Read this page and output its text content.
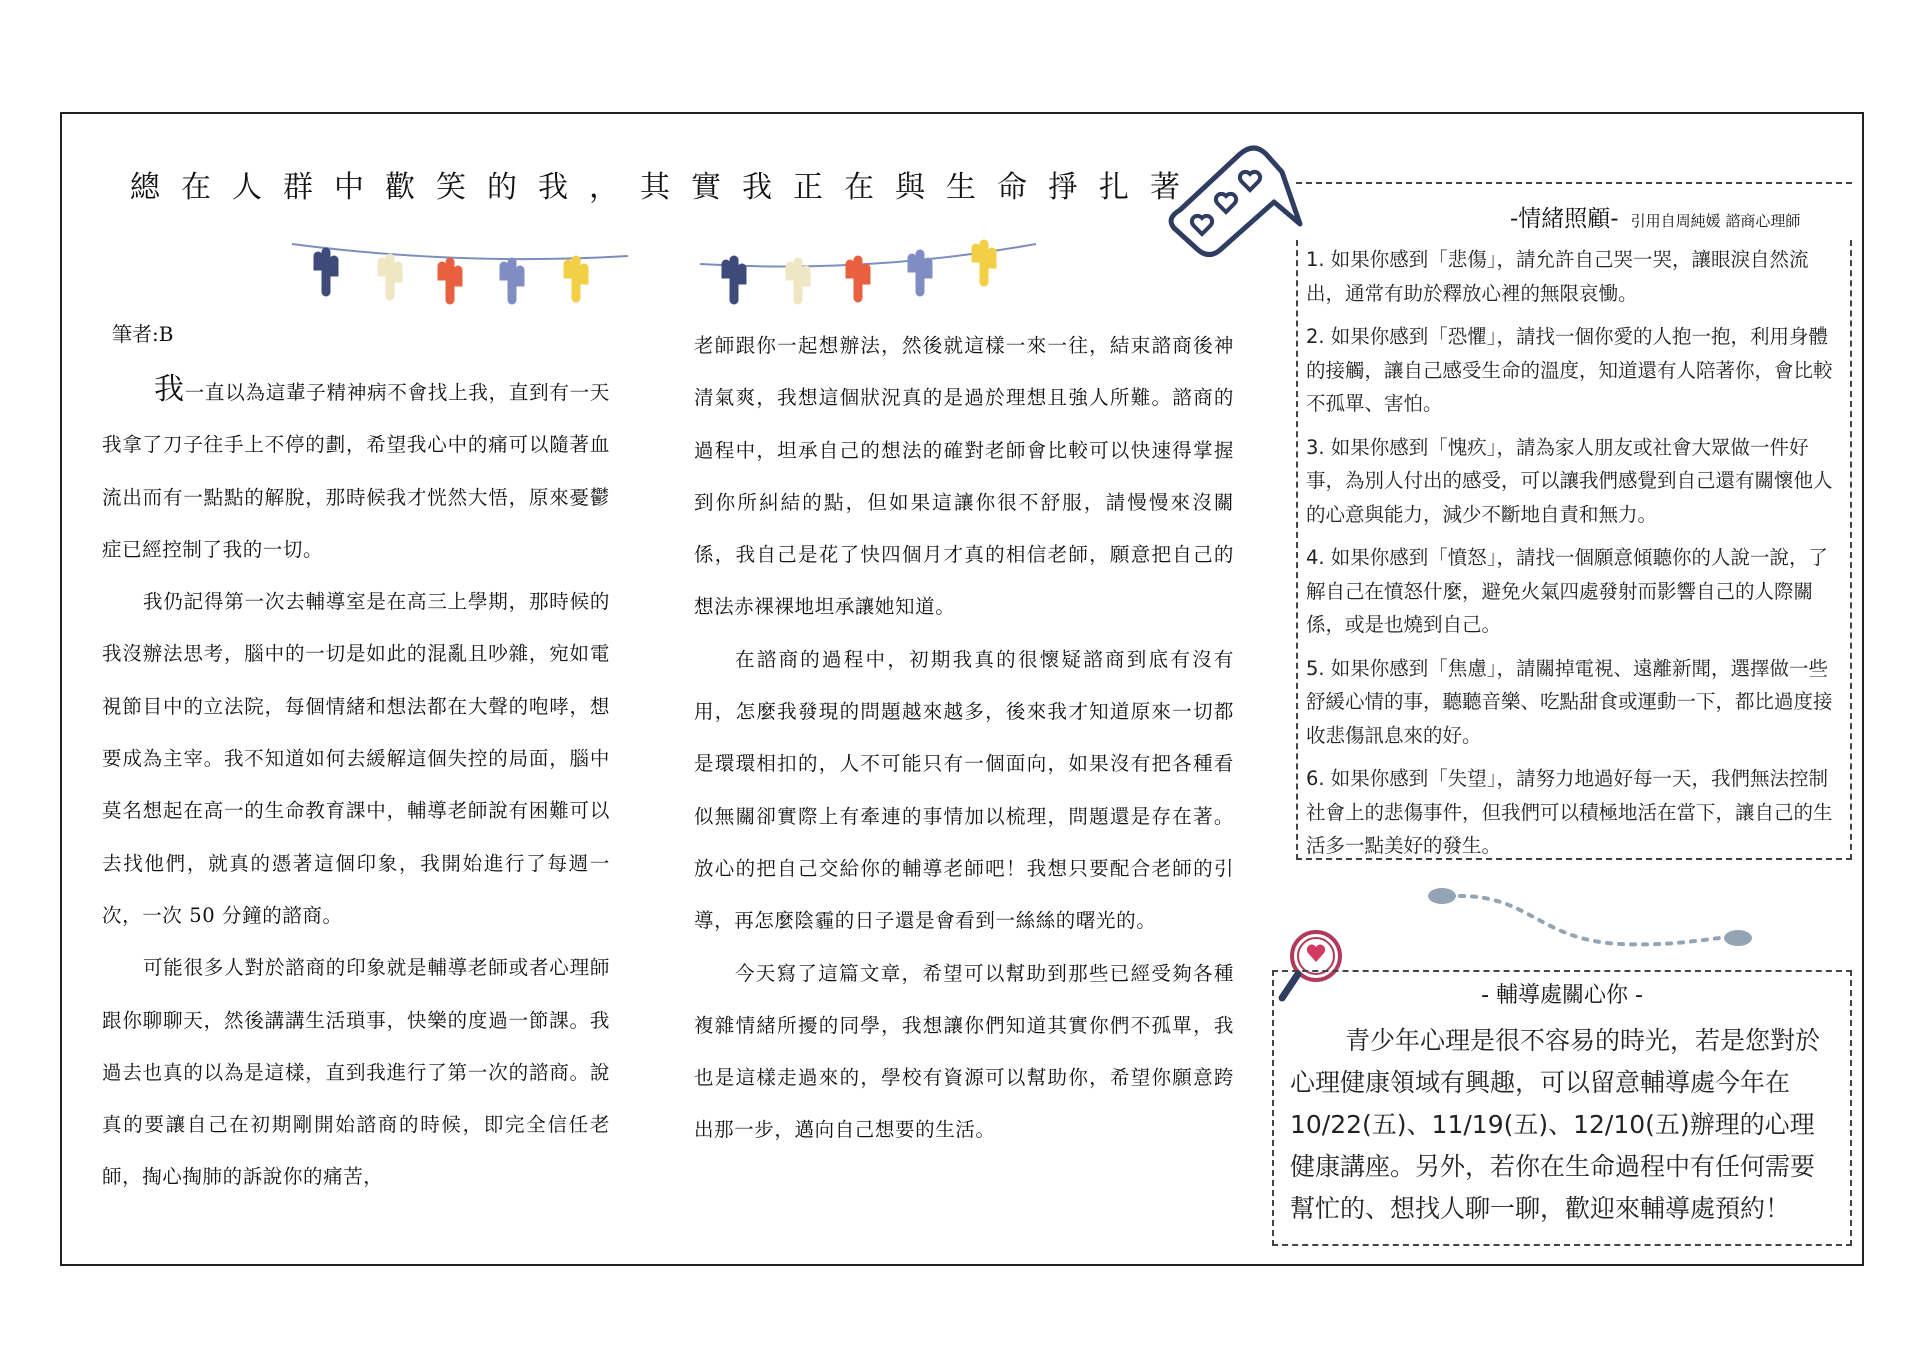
總在人群中歡笑的我，其實我正在與生命掙扎著
筆者:B

我一直以為這輩子精神病不會找上我，直到有一天我拿了刀子往手上不停的劃，希望我心中的痛可以隨著血流出而有一點點的解脫，那時候我才恍然大悟，原來憂鬱症已經控制了我的一切。

我仍記得第一次去輔導室是在高三上學期，那時候的我沒辦法思考，腦中的一切是如此的混亂且吵雜，宛如電視節目中的立法院，每個情緒和想法都在大聲的咆哮，想要成為主宰。我不知道如何去緩解這個失控的局面，腦中莫名想起在高一的生命教育課中，輔導老師說有困難可以去找他們，就真的憑著這個印象，我開始進行了每週一次，一次 50 分鐘的諮商。

可能很多人對於諮商的印象就是輔導老師或者心理師跟你聊聊天，然後講講生活瑣事，快樂的度過一節課。我過去也真的以為是這樣，直到我進行了第一次的諮商。說真的要讓自己在初期剛開始諮商的時候，即完全信任老師，掏心掏肺的訴說你的痛苦，

老師跟你一起想辦法，然後就這樣一來一往，結束諮商後神清氣爽，我想這個狀況真的是過於理想且強人所難。諮商的過程中，坦承自己的想法的確對老師會比較可以快速得掌握到你所糾結的點，但如果這讓你很不舒服，請慢慢來沒關係，我自己是花了快四個月才真的相信老師，願意把自己的想法赤裸裸地坦承讓她知道。

在諮商的過程中，初期我真的很懷疑諮商到底有沒有用，怎麼我發現的問題越來越多，後來我才知道原來一切都是環環相扣的，人不可能只有一個面向，如果沒有把各種看似無關卻實際上有牽連的事情加以梳理，問題還是存在著。放心的把自己交給你的輔導老師吧！我想只要配合老師的引導，再怎麼陰霾的日子還是會看到一絲絲的曙光的。

今天寫了這篇文章，希望可以幫助到那些已經受夠各種複雜情緒所擾的同學，我想讓你們知道其實你們不孤單，我也是這樣走過來的，學校有資源可以幫助你，希望你願意跨出那一步，邁向自己想要的生活。

-情緒照顧- 引用自周純媛 諮商心理師

1. 如果你感到「悲傷」，請允許自己哭一哭，讓眼淚自然流出，通常有助於釋放心裡的無限哀慟。

2. 如果你感到「恐懼」，請找一個你愛的人抱一抱，利用身體的接觸，讓自己感受生命的溫度，知道還有人陪著你，會比較不孤單、害怕。

3. 如果你感到「愧疚」，請為家人朋友或社會大眾做一件好事，為別人付出的感受，可以讓我們感覺到自己還有關懷他人的心意與能力，減少不斷地自責和無力。

4. 如果你感到「憤怒」，請找一個願意傾聽你的人說一說，了解自己在憤怒什麼，避免火氣四處發射而影響自己的人際關係，或是也燒到自己。

5. 如果你感到「焦慮」，請關掉電視、遠離新聞，選擇做一些舒緩心情的事，聽聽音樂、吃點甜食或運動一下，都比過度接收悲傷訊息來的好。

6. 如果你感到「失望」，請努力地過好每一天，我們無法控制社會上的悲傷事件，但我們可以積極地活在當下，讓自己的生活多一點美好的發生。

- 輔導處關心你 -
青少年心理是很不容易的時光，若是您對於心理健康領域有興趣，可以留意輔導處今年在10/22(五)、11/19(五)、12/10(五)辦理的心理健康講座。另外，若你在生命過程中有任何需要幫忙的、想找人聊一聊，歡迎來輔導處預約！
